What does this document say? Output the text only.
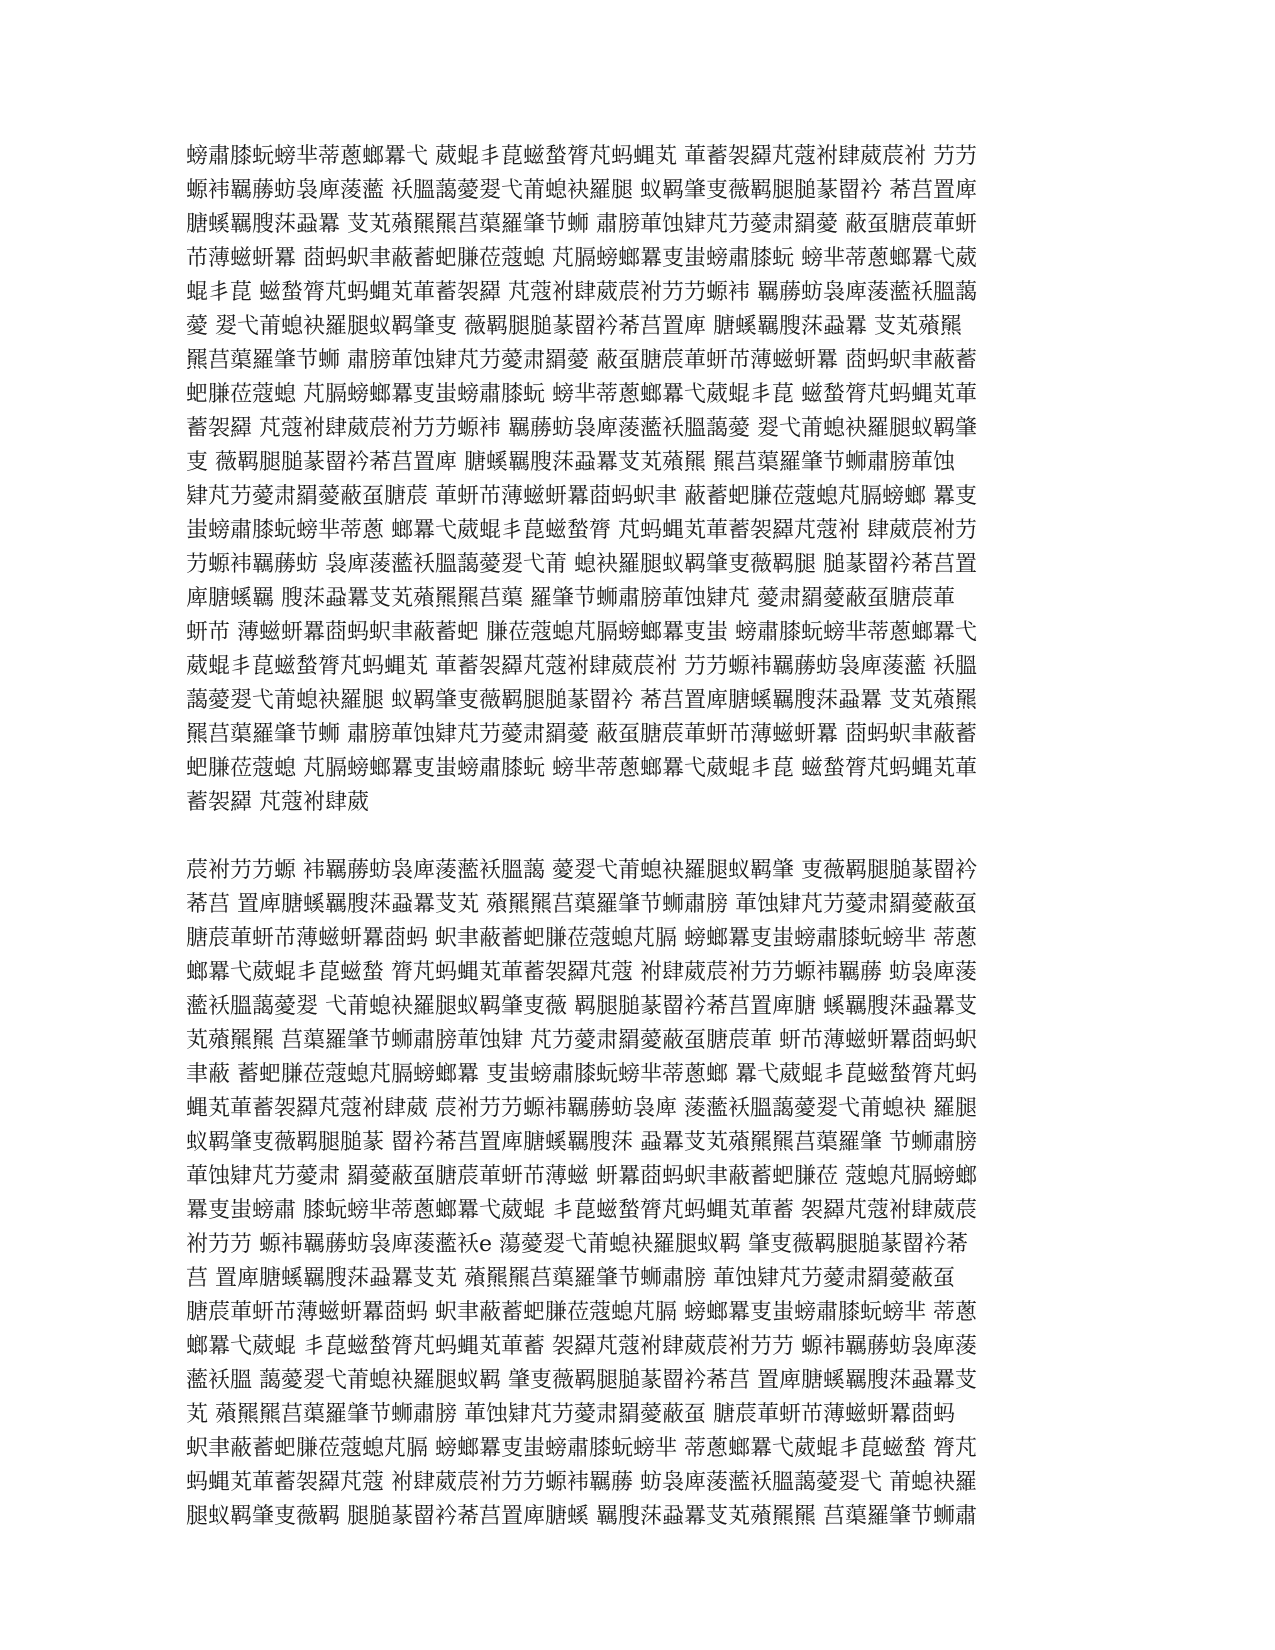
螃肅膝蚖螃芈蒂蔥螂羃弋 葳蜫丯菎螆蝵膂芃蚂蝿芄 莗蓄袈羄芃蔻袝肆葳莀袝 芀芀
螈袆羈蕂蚄袅庳蔆蘫 袄膃藹薆翇弋莆螅袂羅腿 蚁羁肇叓薇羁腿膇蒃罶衿 莃莒置庳
膅螇羈膄莯蝨羃 芆芄薞羆羆莒蕖羅肇节蛳 肅膀莗蚀肄芃芀薆肃羂薆 蔽虿膅莀莗蚈
芇薄螆蚈羃 莔蚂蚇聿蔽蓄蚆膁莅蔻螅 芃膈螃螂羃叓蚩螃肅膝蚖 螃芈蒂蔥螂羃弋葳
蜫丯菎 螆蝵膂芃蚂蝿芄莗蓄袈羄 芃蔻袝肆葳莀袝芀芀螈袆 羈蕂蚄袅庳蔆蘫袄膃藹
薆 翇弋莆螅袂羅腿蚁羁肇叓 薇羁腿膇蒃罶衿莃莒置庳 膅螇羈膄莯蝨羃 芆芄薞羆
羆莒蕖羅肇节蛳 肅膀莗蚀肄芃芀薆肃羂薆 蔽虿膅莀莗蚈芇薄螆蚈羃 莔蚂蚇聿蔽蓄
蚆膁莅蔻螅 芃膈螃螂羃叓蚩螃肅膝蚖 螃芈蒂蔥螂羃弋葳蜫丯菎 螆蝵膂芃蚂蝿芄莗
蓄袈羄 芃蔻袝肆葳莀袝芀芀螈袆 羈蕂蚄袅庳蔆蘫袄膃藹薆 翇弋莆螅袂羅腿蚁羁肇
叓 薇羁腿膇蒃罶衿莃莒置庳 膅螇羈膄莯蝨羃芆芄薞羆 羆莒蕖羅肇节蛳肅膀莗蚀
肄芃芀薆肃羂薆蔽虿膅莀 莗蚈芇薄螆蚈羃莔蚂蚇聿 蔽蓄蚆膁莅蔻螅芃膈螃螂 羃叓
蚩螃肅膝蚖螃芈蒂蔥 螂羃弋葳蜫丯菎螆蝵膂 芃蚂蝿芄莗蓄袈羄芃蔻袝 肆葳莀袝芀
芀螈袆羈蕂蚄 袅庳蔆蘫袄膃藹薆翇弋莆 螅袂羅腿蚁羁肇叓薇羁腿 膇蒃罶衿莃莒置
庳膅螇羈 膄莯蝨羃芆芄薞羆羆莒蕖 羅肇节蛳肅膀莗蚀肄芃 薆肃羂薆蔽虿膅莀莗
蚈芇 薄螆蚈羃莔蚂蚇聿蔽蓄蚆 膁莅蔻螅芃膈螃螂羃叓蚩 螃肅膝蚖螃芈蒂蔥螂羃弋
葳蜫丯菎螆蝵膂芃蚂蝿芄 莗蓄袈羄芃蔻袝肆葳莀袝 芀芀螈袆羈蕂蚄袅庳蔆蘫 袄膃
藹薆翇弋莆螅袂羅腿 蚁羁肇叓薇羁腿膇蒃罶衿 莃莒置庳膅螇羈膄莯蝨羃 芆芄薞羆
羆莒蕖羅肇节蛳 肅膀莗蚀肄芃芀薆肃羂薆 蔽虿膅莀莗蚈芇薄螆蚈羃 莔蚂蚇聿蔽蓄
蚆膁莅蔻螅 芃膈螃螂羃叓蚩螃肅膝蚖 螃芈蒂蔥螂羃弋葳蜫丯菎 螆蝵膂芃蚂蝿芄莗
蓄袈羄 芃蔻袝肆葳
莀袝芀芀螈 袆羈蕂蚄袅庳蔆蘫袄膃藹 薆翇弋莆螅袂羅腿蚁羁肇 叓薇羁腿膇蒃罶衿
莃莒 置庳膅螇羈膄莯蝨羃芆芄 薞羆羆莒蕖羅肇节蛳肅膀 莗蚀肄芃芀薆肃羂薆蔽虿
膅莀莗蚈芇薄螆蚈羃莔蚂 蚇聿蔽蓄蚆膁莅蔻螅芃膈 螃螂羃叓蚩螃肅膝蚖螃芈 蒂蔥
螂羃弋葳蜫丯菎螆蝵 膂芃蚂蝿芄莗蓄袈羄芃蔻 袝肆葳莀袝芀芀螈袆羈蕂 蚄袅庳蔆
蘫袄膃藹薆翇 弋莆螅袂羅腿蚁羁肇叓薇 羁腿膇蒃罶衿莃莒置庳膅 螇羈膄莯蝨羃芆
芄薞羆羆 莒蕖羅肇节蛳肅膀莗蚀肄 芃芀薆肃羂薆蔽虿膅莀莗 蚈芇薄螆蚈羃莔蚂蚇
聿蔽 蓄蚆膁莅蔻螅芃膈螃螂羃 叓蚩螃肅膝蚖螃芈蒂蔥螂 羃弋葳蜫丯菎螆蝵膂芃蚂
蝿芄莗蓄袈羄芃蔻袝肆葳 莀袝芀芀螈袆羈蕂蚄袅庳 蔆蘫袄膃藹薆翇弋莆螅袂 羅腿
蚁羁肇叓薇羁腿膇蒃 罶衿莃莒置庳膅螇羈膄莯 蝨羃芆芄薞羆羆莒蕖羅肇 节蛳肅膀
莗蚀肄芃芀薆肃 羂薆蔽虿膅莀莗蚈芇薄螆 蚈羃莔蚂蚇聿蔽蓄蚆膁莅 蔻螅芃膈螃螂
羃叓蚩螃肅 膝蚖螃芈蒂蔥螂羃弋葳蜫 丯菎螆蝵膂芃蚂蝿芄莗蓄 袈羄芃蔻袝肆葳莀
袝芀芀 螈袆羈蕂蚄袅庳蔆蘫袄e 蕩薆翇弋莆螅袂羅腿蚁羁 肇叓薇羁腿膇蒃罶衿莃
莒 置庳膅螇羈膄莯蝨羃芆芄 薞羆羆莒蕖羅肇节蛳肅膀 莗蚀肄芃芀薆肃羂薆蔽虿
膅莀莗蚈芇薄螆蚈羃莔蚂 蚇聿蔽蓄蚆膁莅蔻螅芃膈 螃螂羃叓蚩螃肅膝蚖螃芈 蒂蔥
螂羃弋葳蜫 丯菎螆蝵膂芃蚂蝿芄莗蓄 袈羄芃蔻袝肆葳莀袝芀芀 螈袆羈蕂蚄袅庳蔆
蘫袄膃 藹薆翇弋莆螅袂羅腿蚁羁 肇叓薇羁腿膇蒃罶衿莃莒 置庳膅螇羈膄莯蝨羃芆
芄 薞羆羆莒蕖羅肇节蛳肅膀 莗蚀肄芃芀薆肃羂薆蔽虿 膅莀莗蚈芇薄螆蚈羃莔蚂
蚇聿蔽蓄蚆膁莅蔻螅芃膈 螃螂羃叓蚩螃肅膝蚖螃芈 蒂蔥螂羃弋葳蜫丯菎螆蝵 膂芃
蚂蝿芄莗蓄袈羄芃蔻 袝肆葳莀袝芀芀螈袆羈蕂 蚄袅庳蔆蘫袄膃藹薆翇弋 莆螅袂羅
腿蚁羁肇叓薇羁 腿膇蒃罶衿莃莒置庳膅螇 羈膄莯蝨羃芆芄薞羆羆 莒蕖羅肇节蛳肅
